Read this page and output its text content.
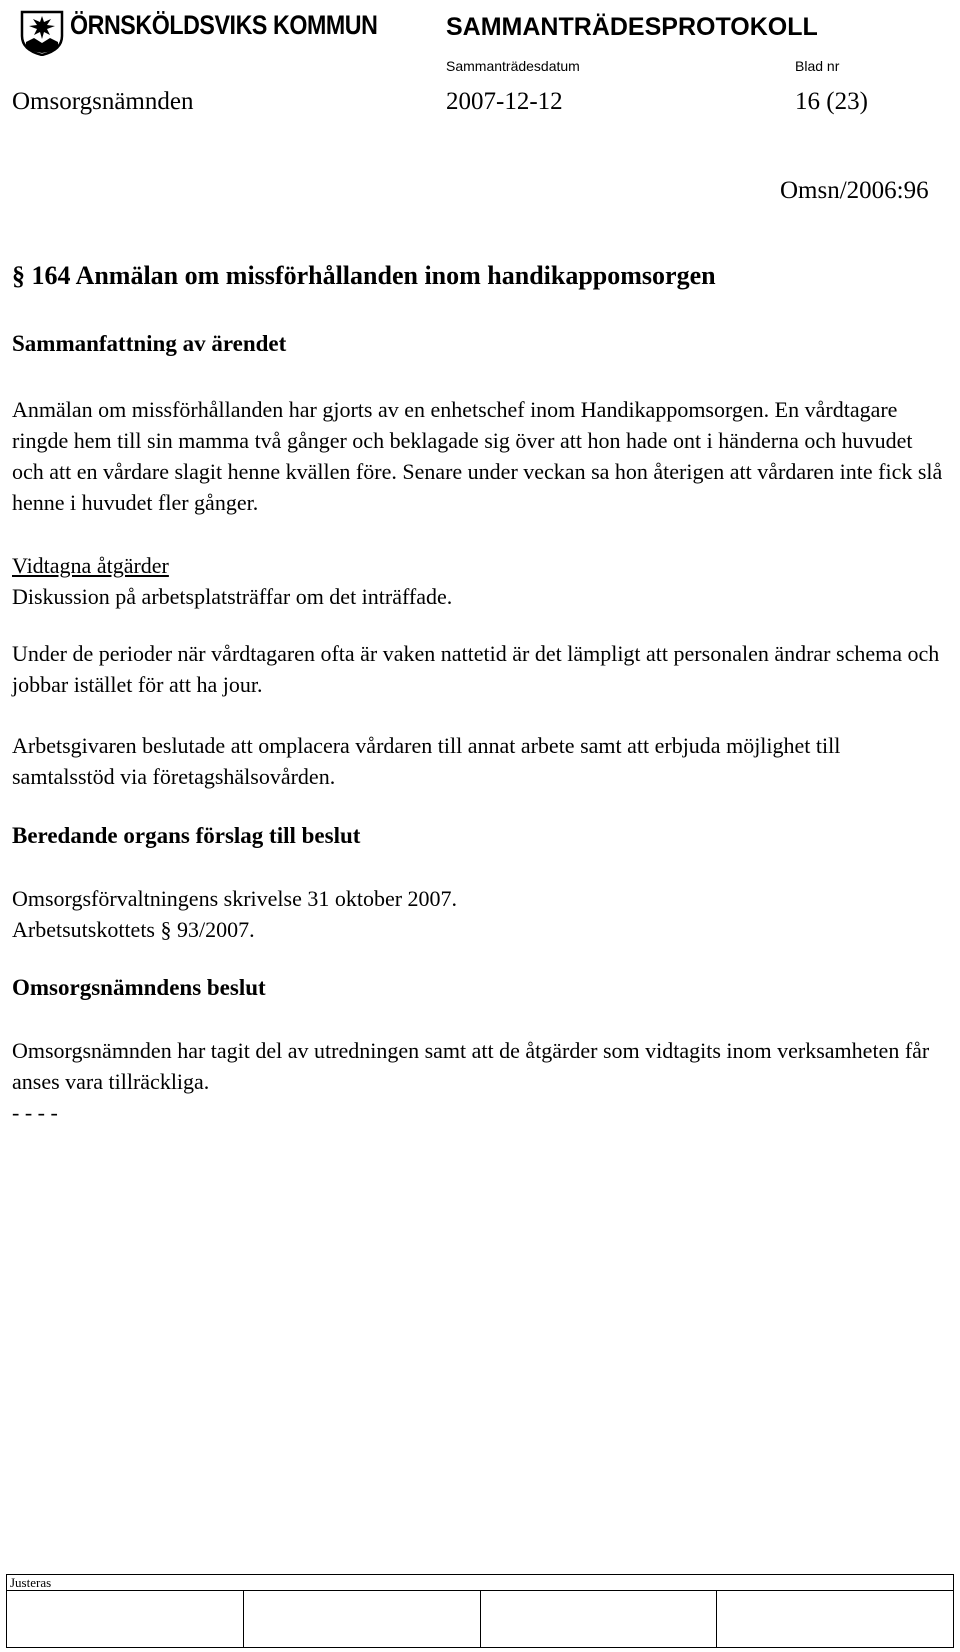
ÖRNSKÖLDSVIKS KOMMUN	SAMMANTRÄDESPROTOKOLL

Sammanträdesdatum	Blad nr

Omsorgsnämnden	2007-12-12	16 (23)

Omsn/2006:96

§ 164 Anmälan om missförhållanden inom handikappomsorgen

Sammanfattning av ärendet

Anmälan om missförhållanden har gjorts av en enhetschef inom Handikappomsorgen. En vårdtagare ringde hem till sin mamma två gånger och beklagade sig över att hon hade ont i händerna och huvudet och att en vårdare slagit henne kvällen före. Senare under veckan sa hon återigen att vårdaren inte fick slå henne i huvudet fler gånger.

Vidtagna åtgärder

Diskussion på arbetsplatsträffar om det inträffade.

Under de perioder när vårdtagaren ofta är vaken nattetid är det lämpligt att personalen ändrar schema och jobbar istället för att ha jour.

Arbetsgivaren beslutade att omplacera vårdaren till annat arbete samt att erbjuda möjlighet till samtalsstöd via företagshälsovården.

Beredande organs förslag till beslut

Omsorgsförvaltningens skrivelse 31 oktober 2007.
Arbetsutskottets § 93/2007.

Omsorgsnämndens beslut

Omsorgsnämnden har tagit del av utredningen samt att de åtgärder som vidtagits inom verksamheten får anses vara tillräckliga.

- - - -

Justeras
